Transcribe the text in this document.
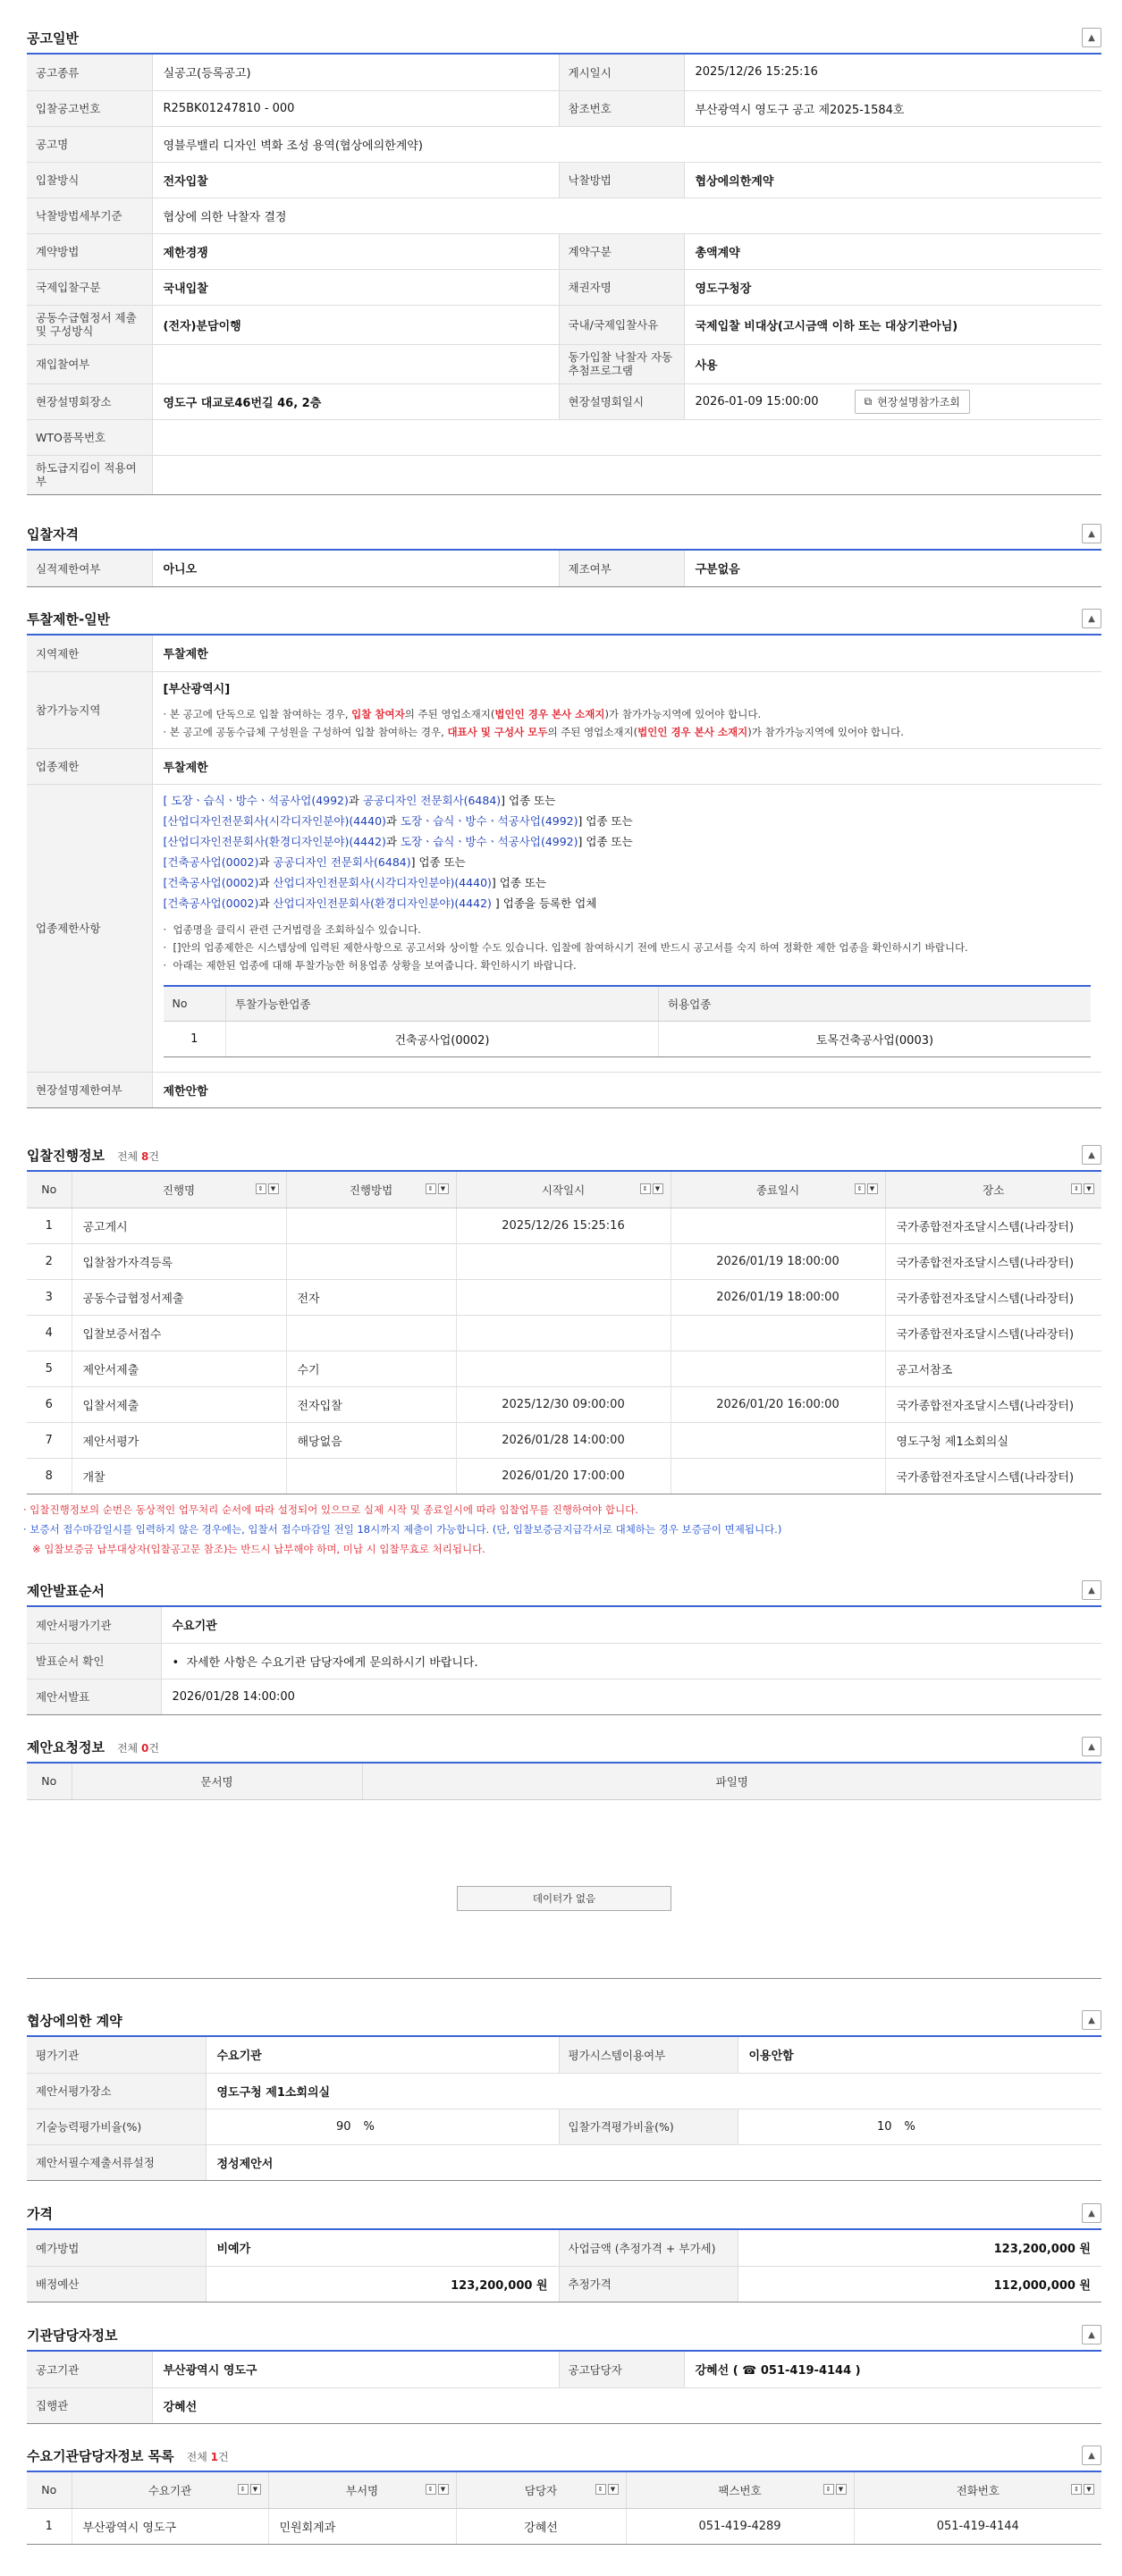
공고일반	▲
공고종류	실공고(등록공고)	게시일시	2025/12/26 15:25:16
입찰공고번호	R25BK01247810 - 000	참조번호	부산광역시 영도구 공고 제2025-1584호
공고명	영블루밸리 디자인 벽화 조성 용역(협상에의한계약)		
입찰방식	전자입찰	낙찰방법	협상에의한계약
낙찰방법세부기준	협상에 의한 낙찰자 결정		
계약방법	제한경쟁	계약구분	총액계약
국제입찰구분	국내입찰	채권자명	영도구청장
공동수급협정서 제출 및 구성방식	(전자)분담이행	국내/국제입찰사유	국제입찰 비대상(고시금액 이하 또는 대상기관아님)
재입찰여부		동가입찰 낙찰자 자동추첨프로그램	사용
현장설명회장소	영도구 대교로46번길 46, 2층	현장설명회일시	2026-01-09 15:00:00 ⧉ 현장설명참가조회

WTO품목번호			
하도급지킴이 적용여부			
입찰자격	▲
실적제한여부	아니오	제조여부	구분없음
투찰제한-일반	▲
지역제한	투찰제한
참가가능지역	
[부산광역시]
· 본 공고에 단독으로 입찰 참여하는 경우, 입찰 참여자의 주된 영업소재지(법인인 경우 본사 소재지)가 참가가능지역에 있어야 합니다.
· 본 공고에 공동수급체 구성원을 구성하여 입찰 참여하는 경우, 대표사 및 구성사 모두의 주된 영업소재지(법인인 경우 본사 소재지)가 참가가능지역에 있어야 합니다.

업종제한	투찰제한
업종제한사항	
[ 도장ㆍ습식ㆍ방수ㆍ석공사업(4992)과 공공디자인 전문회사(6484)] 업종 또는
[산업디자인전문회사(시각디자인분야)(4440)과 도장ㆍ습식ㆍ방수ㆍ석공사업(4992)] 업종 또는
[산업디자인전문회사(환경디자인분야)(4442)과 도장ㆍ습식ㆍ방수ㆍ석공사업(4992)] 업종 또는
[건축공사업(0002)과 공공디자인 전문회사(6484)] 업종 또는
[건축공사업(0002)과 산업디자인전문회사(시각디자인분야)(4440)] 업종 또는
[건축공사업(0002)과 산업디자인전문회사(환경디자인분야)(4442) ] 업종을 등록한 업체
·  업종명을 클릭시 관련 근거법령을 조회하실수 있습니다.
·  []안의 업종제한은 시스템상에 입력된 제한사항으로 공고서와 상이할 수도 있습니다. 입찰에 참여하시기 전에 반드시 공고서를 숙지 하여 정확한 제한 업종을 확인하시기 바랍니다.
·  아래는 제한된 업종에 대해 투찰가능한 허용업종 상황을 보여줍니다. 확인하시기 바랍니다.
No	투찰가능한업종	허용업종
1	건축공사업(0002)	토목건축공사업(0003)

현장설명제한여부	제한안함
입찰진행정보 전체 8건	▲
No	진행명 ⇕ ▼	진행방법 ⇕ ▼	시작일시 ⇕ ▼	종료일시 ⇕ ▼	장소 ⇕ ▼

1	공고게시		2025/12/26 15:25:16		국가종합전자조달시스템(나라장터)
2	입찰참가자격등록			2026/01/19 18:00:00	국가종합전자조달시스템(나라장터)
3	공동수급협정서제출	전자		2026/01/19 18:00:00	국가종합전자조달시스템(나라장터)
4	입찰보증서접수				국가종합전자조달시스템(나라장터)
5	제안서제출	수기			공고서참조
6	입찰서제출	전자입찰	2025/12/30 09:00:00	2026/01/20 16:00:00	국가종합전자조달시스템(나라장터)
7	제안서평가	해당없음	2026/01/28 14:00:00		영도구청 제1소회의실
8	개찰		2026/01/20 17:00:00		국가종합전자조달시스템(나라장터)
· 입찰진행정보의 순번은 동상적인 업무처리 순서에 따라 설정되어 있으므로 실제 시작 및 종료일시에 따라 입찰업무를 진행하여야 합니다.
· 보증서 접수마감일시를 입력하지 않은 경우에는, 입찰서 접수마감일 전일 18시까지 제출이 가능합니다. (단, 입찰보증금지급각서로 대체하는 경우 보증금이 면제됩니다.)
※ 입찰보증금 납부대상자(입찰공고문 참조)는 반드시 납부해야 하며, 미납 시 입찰무효로 처리됩니다.
제안발표순서	▲
제안서평가기관	수요기관
발표순서 확인	•  자세한 사항은 수요기관 담당자에게 문의하시기 바랍니다.
제안서발표	2026/01/28 14:00:00
제안요청정보 전체 0건	▲
No	문서명	파일명
데이터가 없음
협상에의한 계약	▲
평가기관	수요기관	평가시스템이용여부	이용안함
제안서평가장소	영도구청 제1소회의실		
기술능력평가비율(%)	90 %	입찰가격평가비율(%)	10 %
제안서필수제출서류설정	정성제안서		
가격	▲
예가방법	비예가	사업금액 (추정가격 + 부가세)	123,200,000 원
배정예산	123,200,000 원	추정가격	112,000,000 원
기관담당자정보	▲
공고기관	부산광역시 영도구	공고담당자	강혜선 ( ☎ 051-419-4144 )
집행관	강혜선		
수요기관담당자정보 목록 전체 1건	▲
No	수요기관 ⇕ ▼	부서명 ⇕ ▼	담당자 ⇕ ▼	팩스번호 ⇕ ▼	전화번호 ⇕ ▼

1	부산광역시 영도구	민원회계과	강혜선	051-419-4289	051-419-4144
